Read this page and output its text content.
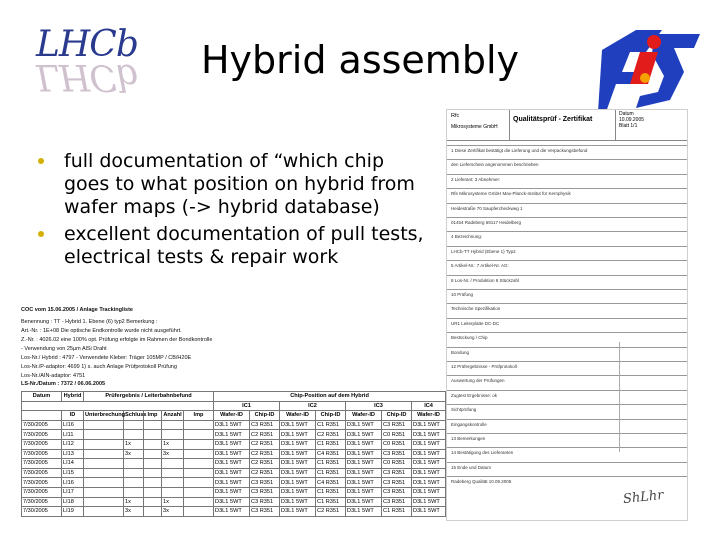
LHCb
LHCb	Hybrid assembly
full documentation of “which chip
goes to what position on hybrid from
wafer maps (-> hybrid database)
excellent documentation of pull tests,
electrical tests & repair work
Rfc
Mikrosysteme GmbH
Qualitätsprüf - Zertifikat
Datum
10.09.2005
Blatt 1/1
1 Diese Zertifikat bestätigt die Lieferung und die Verpackungsbefund
den Lieferschein angenommen beschrieben
2 Lieferant: 3 Abnehmer:
Rfe Mikrosysteme GmbH Max-Planck-Institut für Kernphysik
Heidestraße 70 Saupfercheckweg 1
01454 Radeberg 69117 Heidelberg
4 Bezeichnung:
LHCb-TT Hybrid (Ebene 1) Typ2
5 Artikel-Nr.: 7 Artikel-Nr. AG:
8 Los-Nr. / Produktion 9 Stückzahl
10 Prüfung
Technische Spezifikation
UR1 Leiterplatte DC-DC
Bestückung / Chip
Bondung
12 Prüfergebnisse - Prüfprotokoll
Auswertung der Prüfungen
Zugtest Ergebnisse: ok
Sichtprüfung
Eingangskontrolle
13 Bemerkungen
14 Bestätigung des Lieferanten
15 Ende und Datum
Radeberg Qualität 10.09.2005
ShLhr
COC vom 15.06.2005 / Anlage Trackingliste
Benennung : TT - Hybrid 1. Ebene (6) typ2 Bemerkung :
Art.-Nr. : 1E+08 Die optische Endkontrolle wurde nicht ausgeführt.
Z.-Nr. : 4026.02 eine 100% opt. Prüfung erfolgte im Rahmen der Bondkontrolle
- Verwendung von 25µm AlSi Draht
Los-Nr./ Hybrid : 4797 - Verwendete Kleber: Träger 105MP / CB/H20E
Los-Nr./P-adaptor: 4699 1) s. auch Anlage Prüfprotokoll Prüfung
Los-Nr./AIN-adaptor: 4751
LS-Nr./Datum : 7372 / 06.06.2005
Datum	Hybrid	Prüfergebnis / Leiterbahnbefund					Chip-Position auf dem Hybrid						
							IC1		IC2		IC3		IC4
	ID	Unterbrechung	Schluss	Imp	Anzahl	Imp	Wafer-ID	Chip-ID	Wafer-ID	Chip-ID	Wafer-ID	Chip-ID	Wafer-ID
7/30/2005	LI16						D3L1 5WT	C3 R351	D3L1 5WT	C1 R351	D3L1 5WT	C3 R351	D3L1 5WT
7/30/2005	LI11						D3L1 5WT	C2 R351	D3L1 5WT	C2 R351	D3L1 5WT	C0 R351	D3L1 5WT
7/30/2005	LI12		1x		1x		D3L1 5WT	C2 R351	D3L1 5WT	C1 R351	D3L1 5WT	C0 R351	D3L1 5WT
7/30/2005	LI13		3x		3x		D3L1 5WT	C2 R351	D3L1 5WT	C4 R351	D3L1 5WT	C3 R351	D3L1 5WT
7/30/2005	LI14						D3L1 5WT	C2 R351	D3L1 5WT	C1 R351	D3L1 5WT	C0 R351	D3L1 5WT
7/30/2005	LI15						D3L1 5WT	C2 R351	D3L1 5WT	C1 R351	D3L1 5WT	C3 R351	D3L1 5WT
7/30/2005	LI16						D3L1 5WT	C3 R351	D3L1 5WT	C4 R351	D3L1 5WT	C3 R351	D3L1 5WT
7/30/2005	LI17						D3L1 5WT	C3 R351	D3L1 5WT	C1 R351	D3L1 5WT	C3 R351	D3L1 5WT
7/30/2005	LI18		1x		1x		D3L1 5WT	C3 R351	D3L1 5WT	C1 R351	D3L1 5WT	C3 R351	D3L1 5WT
7/30/2005	LI19		3x		3x		D3L1 5WT	C3 R351	D3L1 5WT	C2 R351	D3L1 5WT	C1 R351	D3L1 5WT
